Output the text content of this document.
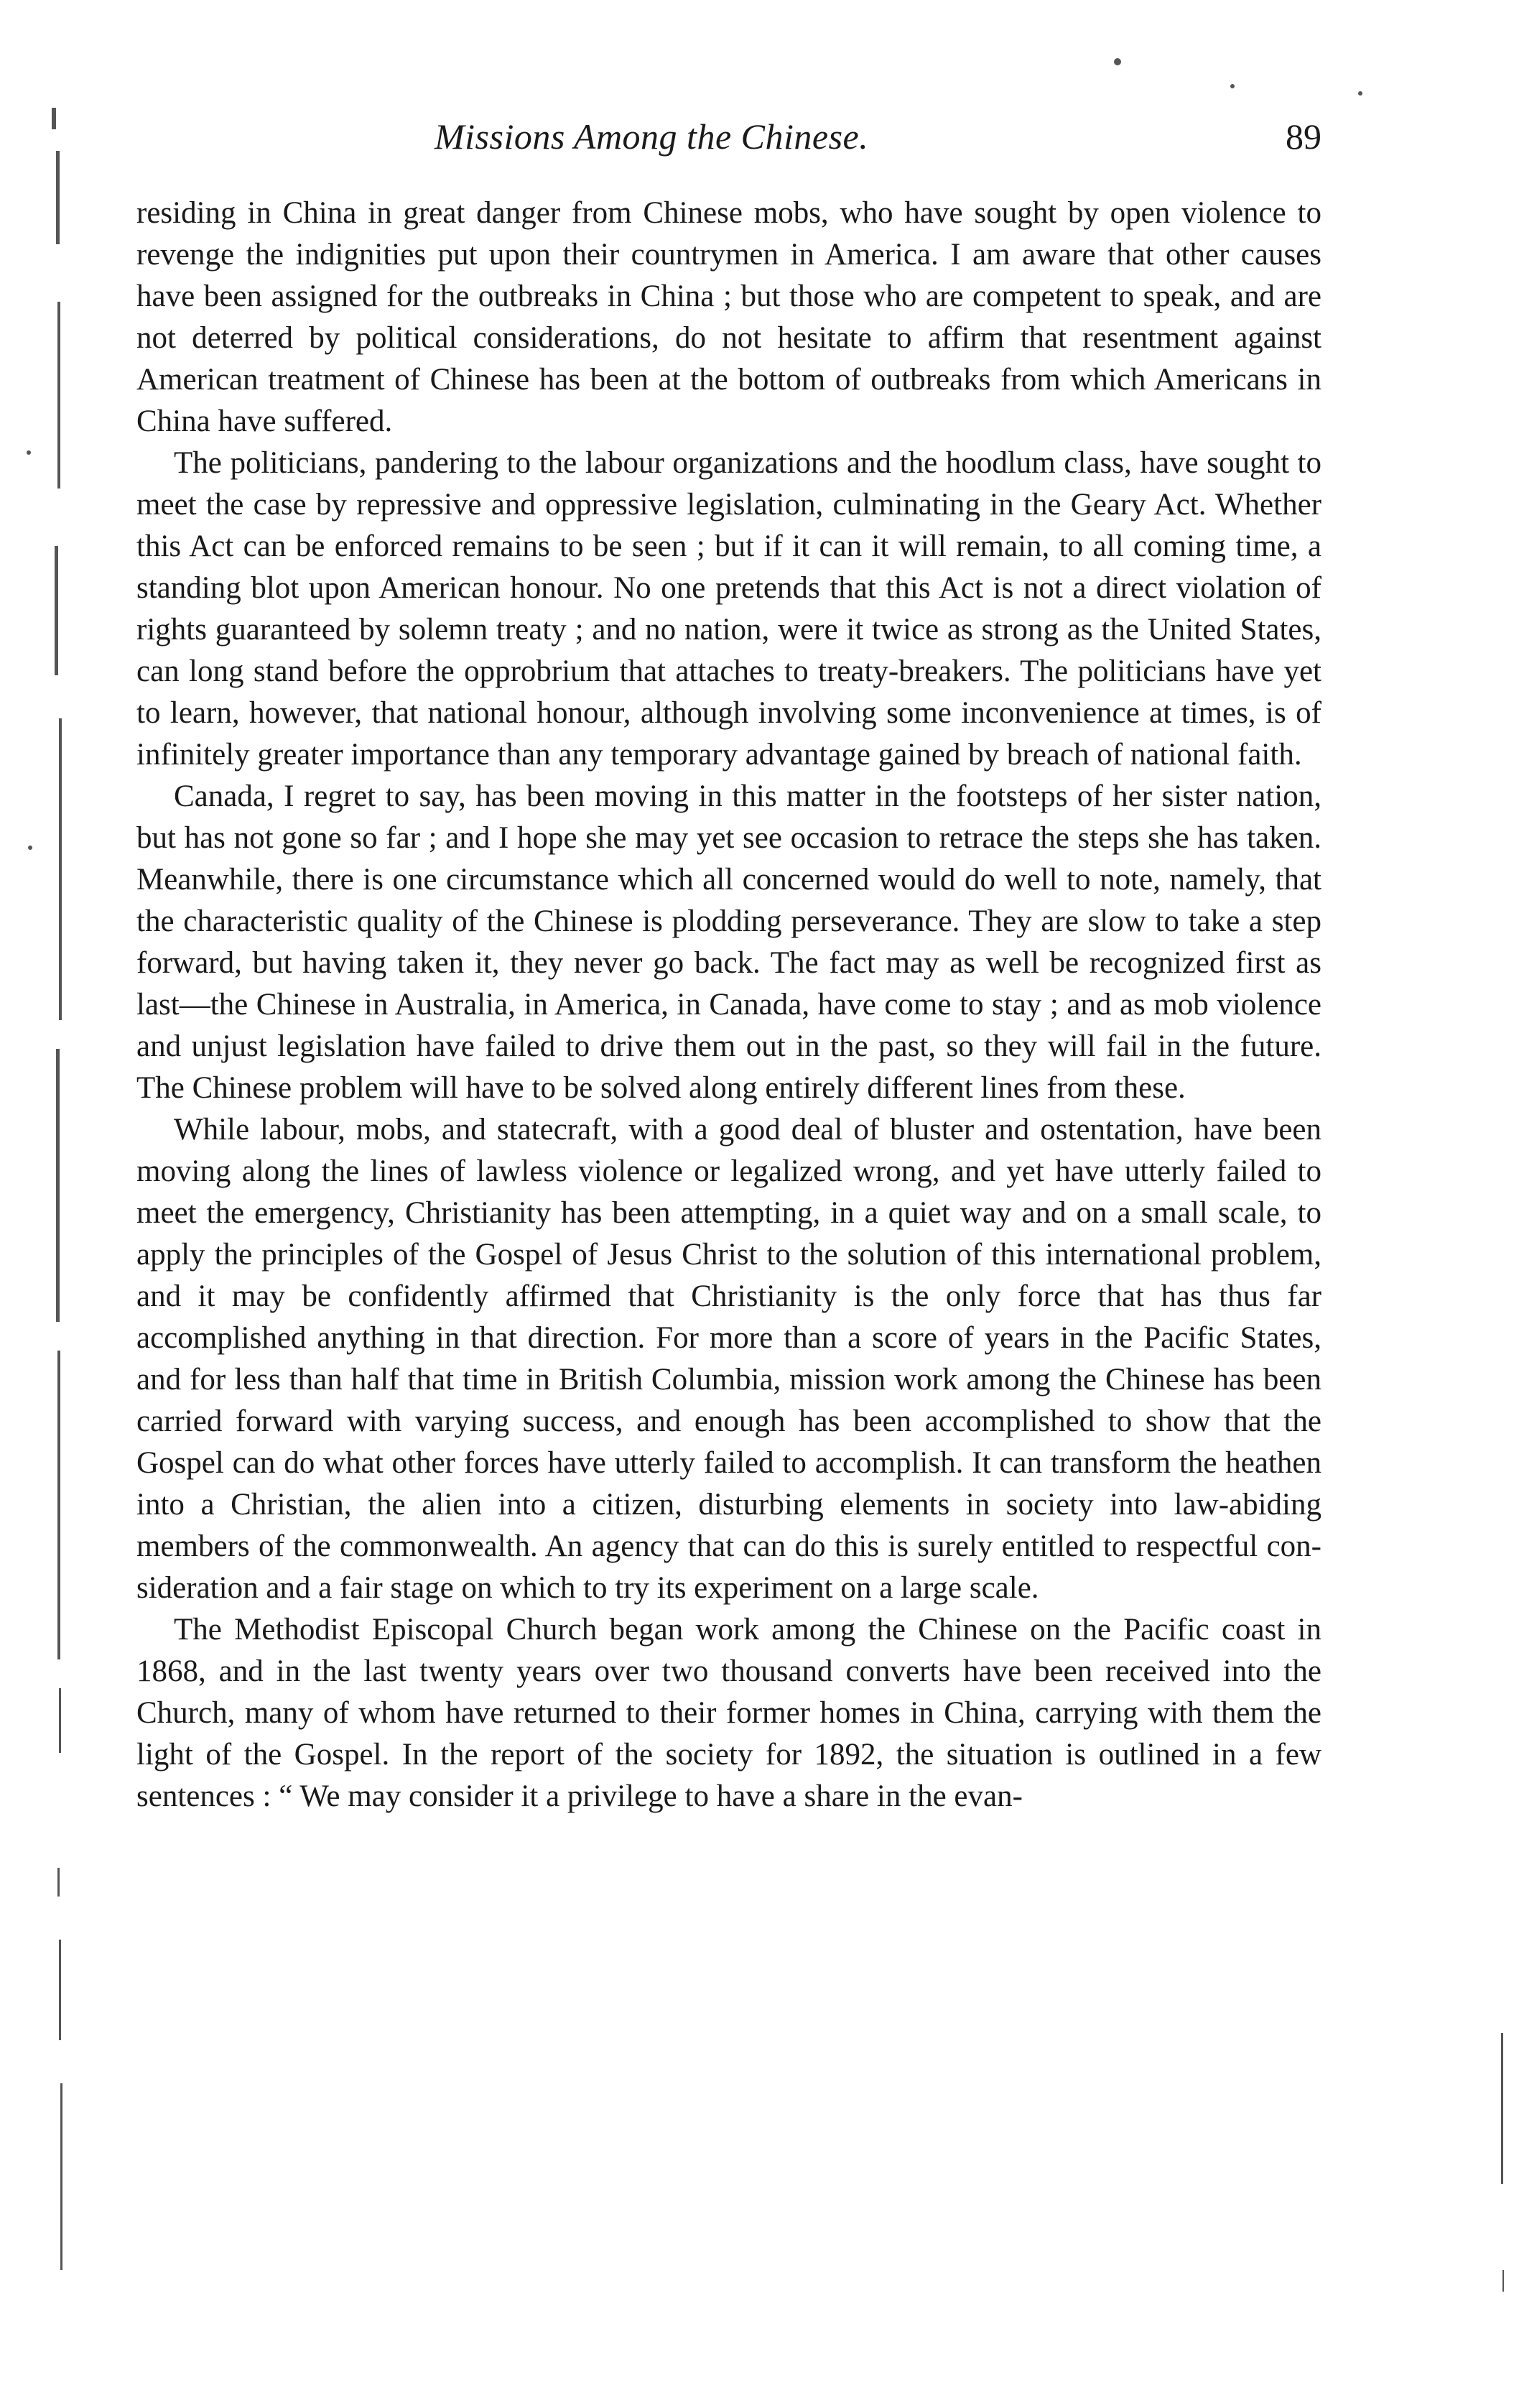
Missions Among the Chinese.	89

residing in China in great danger from Chinese mobs, who have sought by open violence to revenge the indignities put upon their countrymen in America. I am aware that other causes have been assigned for the outbreaks in China ; but those who are competent to speak, and are not deterred by political considerations, do not hesitate to affirm that resentment against American treatment of Chinese has been at the bottom of outbreaks from which Americans in China have suffered.

The politicians, pandering to the labour organizations and the hoodlum class, have sought to meet the case by repressive and oppressive legislation, culminating in the Geary Act. Whether this Act can be enforced remains to be seen ; but if it can it will remain, to all coming time, a standing blot upon American honour. No one pretends that this Act is not a direct violation of rights guaranteed by solemn treaty ; and no nation, were it twice as strong as the United States, can long stand before the opprobrium that attaches to treaty-breakers. The politicians have yet to learn, however, that national honour, although involving some inconvenience at times, is of infinitely greater importance than any temporary advantage gained by breach of national faith.

Canada, I regret to say, has been moving in this matter in the footsteps of her sister nation, but has not gone so far ; and I hope she may yet see occasion to retrace the steps she has taken. Meanwhile, there is one circumstance which all concerned would do well to note, namely, that the characteristic quality of the Chinese is plodding perseverance. They are slow to take a step forward, but having taken it, they never go back. The fact may as well be recognized first as last—the Chinese in Australia, in America, in Canada, have come to stay ; and as mob violence and unjust legislation have failed to drive them out in the past, so they will fail in the future. The Chinese problem will have to be solved along entirely different lines from these.

While labour, mobs, and statecraft, with a good deal of bluster and ostentation, have been moving along the lines of lawless violence or legalized wrong, and yet have utterly failed to meet the emergency, Christianity has been attempting, in a quiet way and on a small scale, to apply the principles of the Gospel of Jesus Christ to the solution of this international problem, and it may be confidently affirmed that Christianity is the only force that has thus far accomplished anything in that direction. For more than a score of years in the Pacific States, and for less than half that time in British Columbia, mission work among the Chinese has been carried forward with varying success, and enough has been accomplished to show that the Gospel can do what other forces have utterly failed to accomplish. It can transform the heathen into a Christian, the alien into a citizen, disturbing elements in society into law-abiding members of the commonwealth. An agency that can do this is surely entitled to respectful consideration and a fair stage on which to try its experiment on a large scale.

The Methodist Episcopal Church began work among the Chinese on the Pacific coast in 1868, and in the last twenty years over two thousand converts have been received into the Church, many of whom have returned to their former homes in China, carrying with them the light of the Gospel. In the report of the society for 1892, the situation is outlined in a few sentences : “ We may consider it a privilege to have a share in the evan-
